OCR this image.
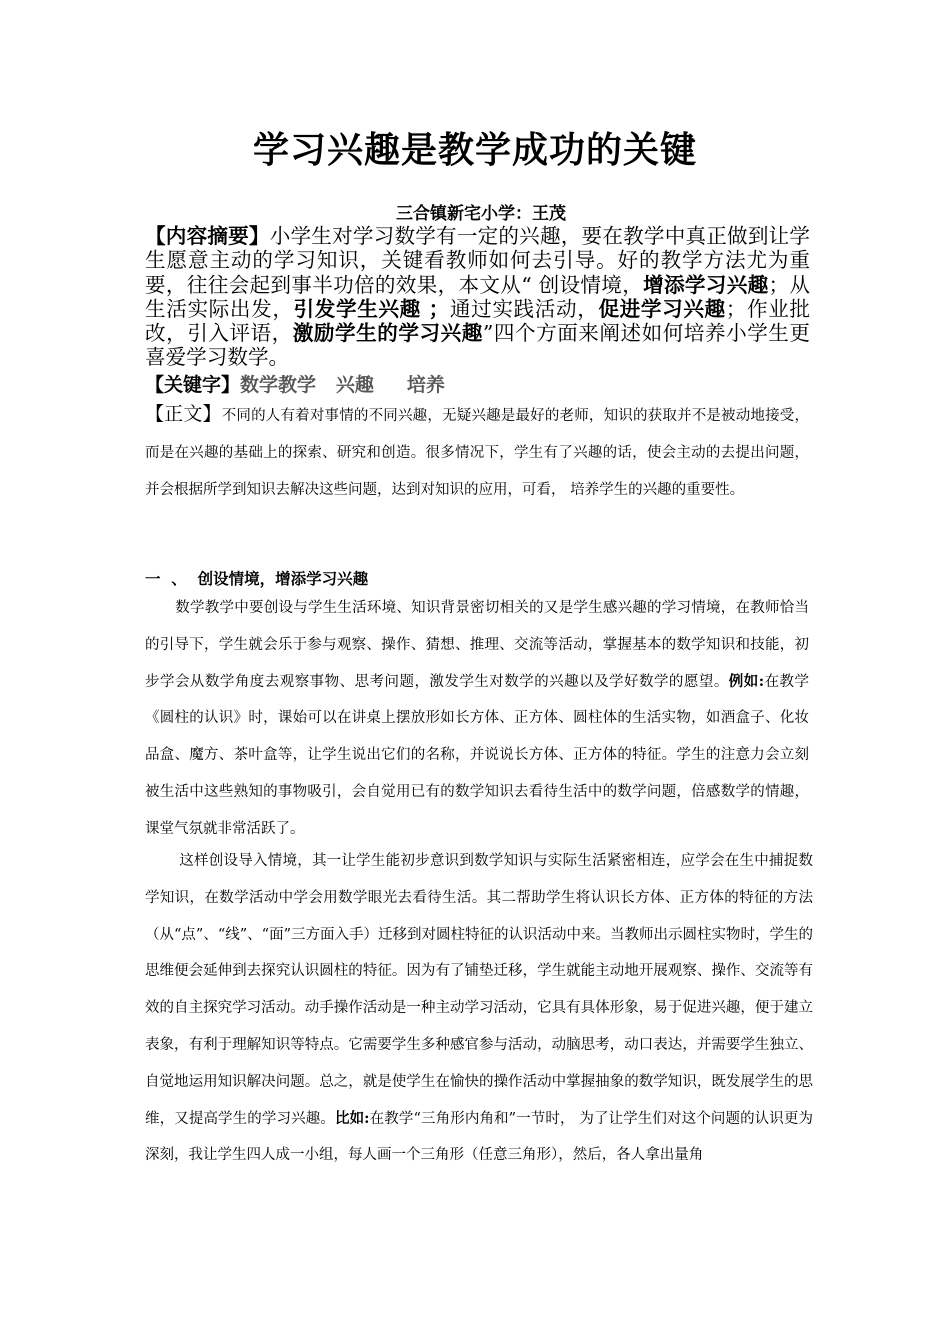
学习兴趣是教学成功的关键
三合镇新宅小学：王茂
【内容摘要】小学生对学习数学有一定的兴趣，要在教学中真正做到让学生愿意主动的学习知识，关键看教师如何去引导。好的教学方法尤为重要，往往会起到事半功倍的效果，本文从“ 创设情境，增添学习兴趣；从生活实际出发，引发学生兴趣 ；通过实践活动，促进学习兴趣；作业批改，引入评语，激励学生的学习兴趣”四个方面来阐述如何培养小学生更喜爱学习数学。
【关键字】数学教学   兴趣     培养
【正文】不同的人有着对事情的不同兴趣，无疑兴趣是最好的老师，知识的获取并不是被动地接受，而是在兴趣的基础上的探索、研究和创造。很多情况下，学生有了兴趣的话，使会主动的去提出问题，并会根据所学到知识去解决这些问题，达到对知识的应用，可看， 培养学生的兴趣的重要性。
一  、  创设情境，增添学习兴趣
数学教学中要创设与学生生活环境、知识背景密切相关的又是学生感兴趣的学习情境，在教师恰当的引导下，学生就会乐于参与观察、操作、猜想、推理、交流等活动，掌握基本的数学知识和技能，初步学会从数学角度去观察事物、思考问题，激发学生对数学的兴趣以及学好数学的愿望。例如:在教学《圆柱的认识》时，课始可以在讲桌上摆放形如长方体、正方体、圆柱体的生活实物，如酒盒子、化妆品盒、魔方、茶叶盒等，让学生说出它们的名称，并说说长方体、正方体的特征。学生的注意力会立刻被生活中这些熟知的事物吸引，会自觉用已有的数学知识去看待生活中的数学问题，倍感数学的情趣，课堂气氛就非常活跃了。
这样创设导入情境，其一让学生能初步意识到数学知识与实际生活紧密相连，应学会在生中捕捉数学知识，在数学活动中学会用数学眼光去看待生活。其二帮助学生将认识长方体、正方体的特征的方法（从“点”、“线”、“面”三方面入手）迁移到对圆柱特征的认识活动中来。当教师出示圆柱实物时，学生的思维便会延伸到去探究认识圆柱的特征。因为有了铺垫迁移，学生就能主动地开展观察、操作、交流等有效的自主探究学习活动。动手操作活动是一种主动学习活动，它具有具体形象，易于促进兴趣，便于建立表象，有利于理解知识等特点。它需要学生多种感官参与活动，动脑思考，动口表达，并需要学生独立、自觉地运用知识解决问题。总之，就是使学生在愉快的操作活动中掌握抽象的数学知识，既发展学生的思维，又提高学生的学习兴趣。比如:在教学“三角形内角和”一节时， 为了让学生们对这个问题的认识更为深刻，我让学生四人成一小组，每人画一个三角形（任意三角形），然后，各人拿出量角
